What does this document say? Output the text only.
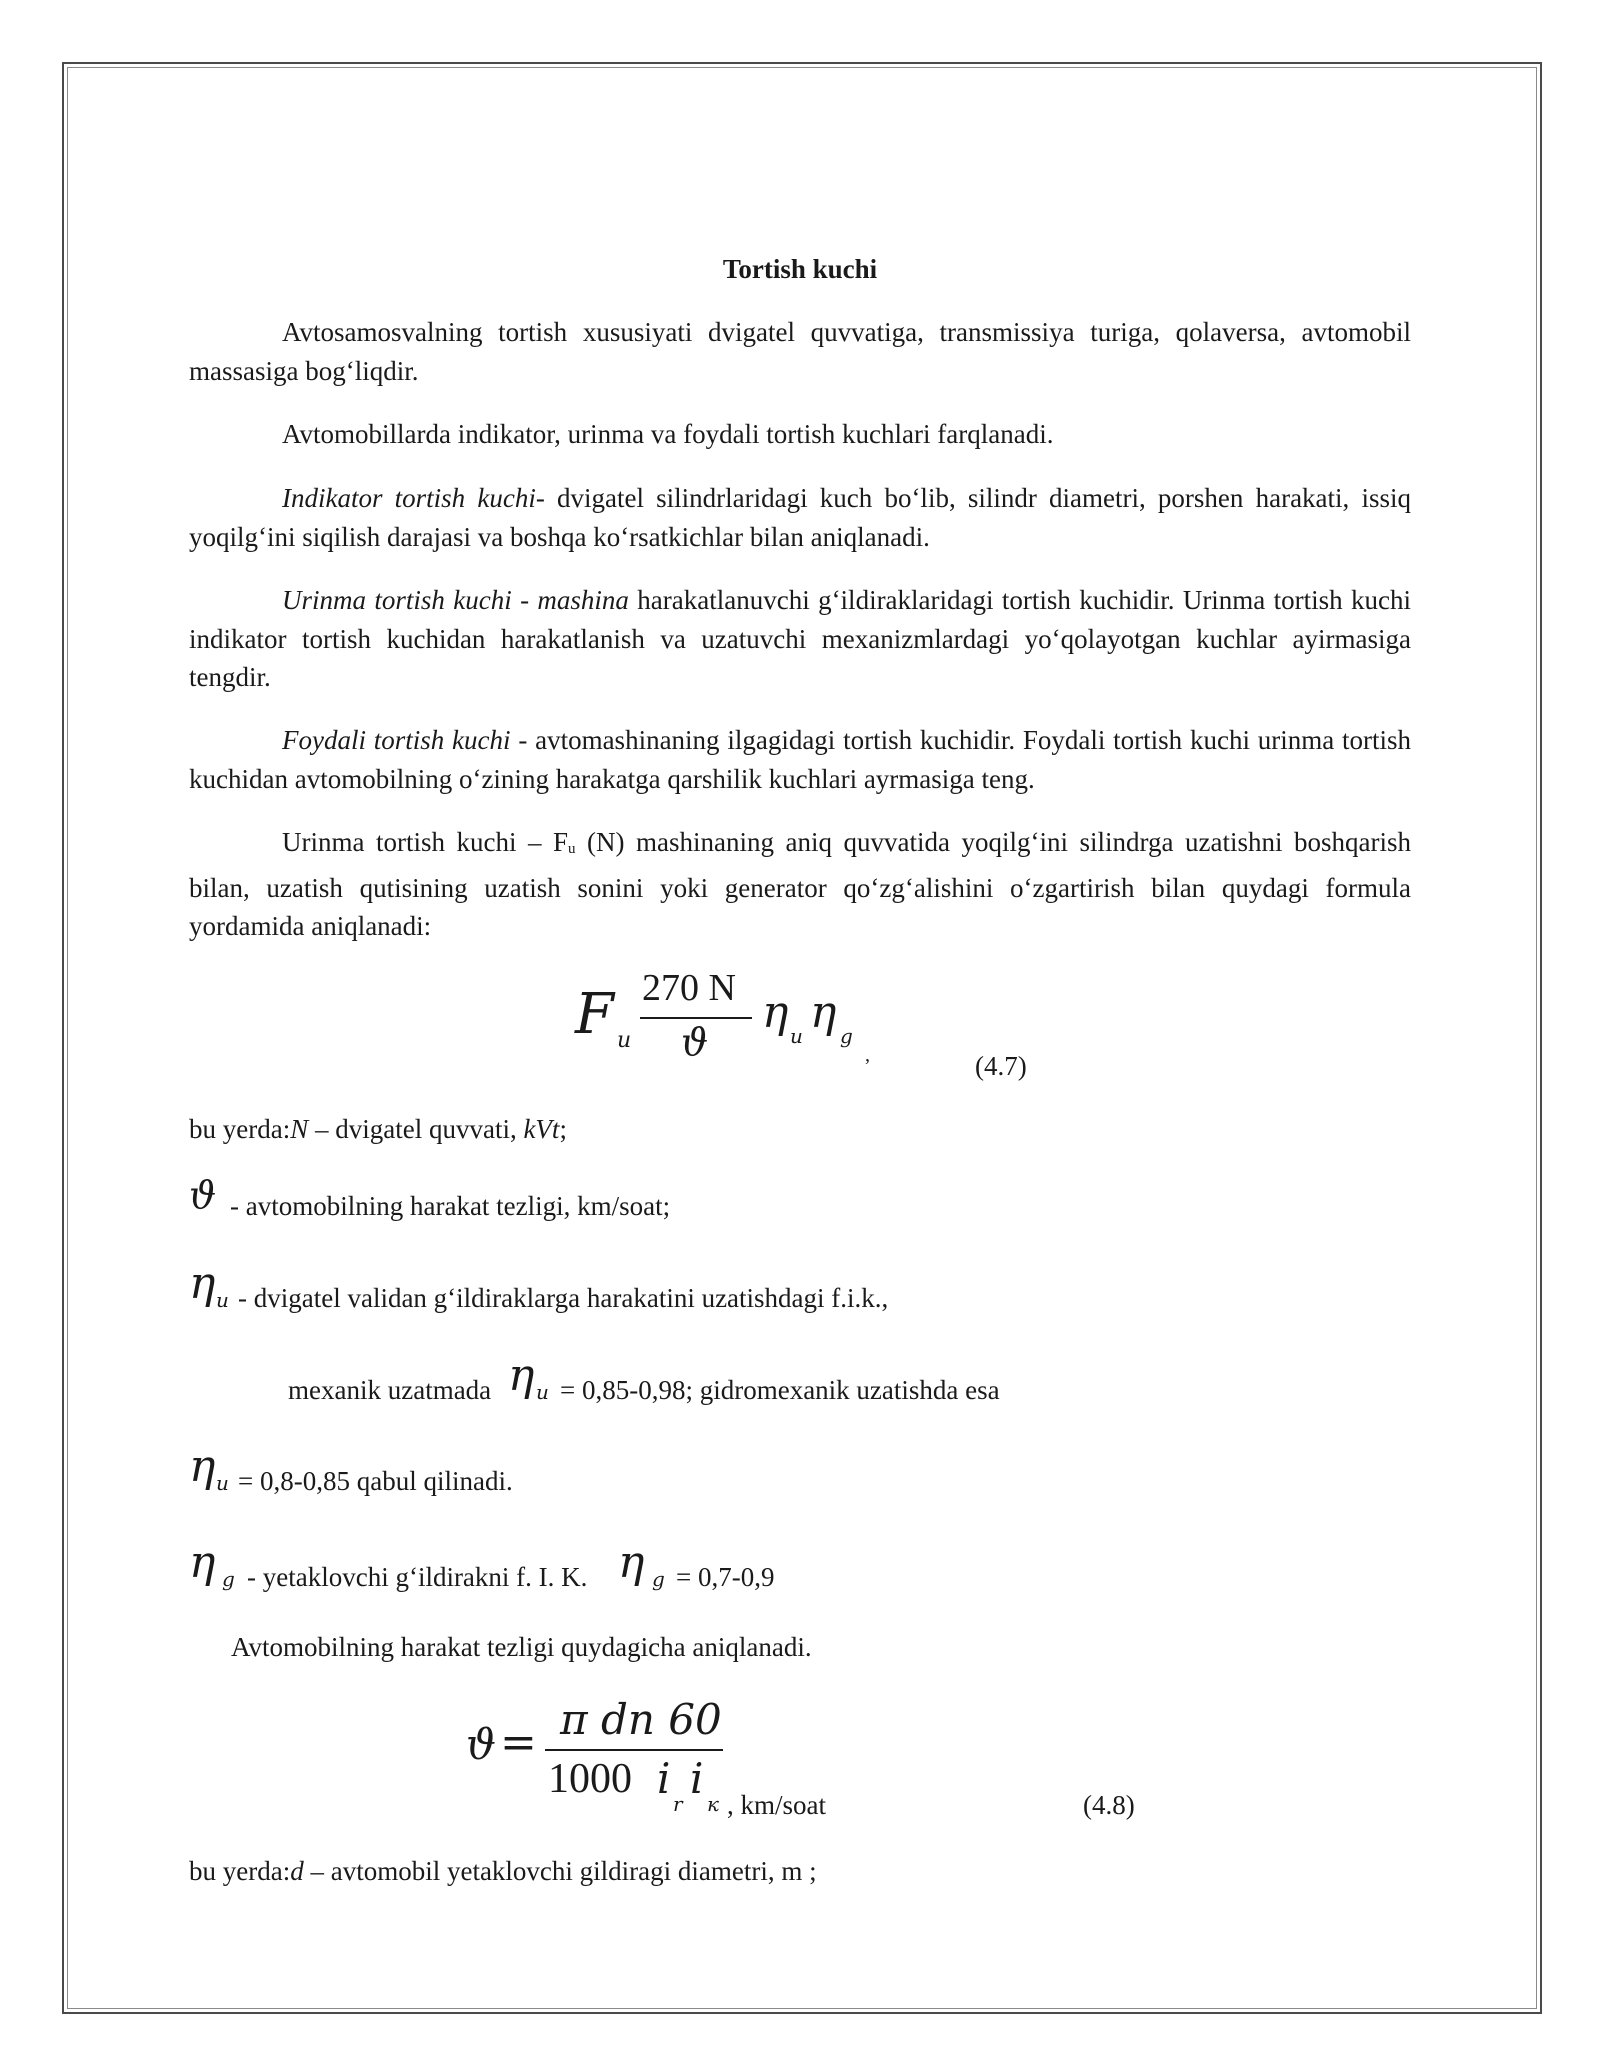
Tortish kuchi

Avtosamosvalning tortish xususiyati dvigatel quvvatiga, transmissiya turiga, qolaversa, avtomobil massasiga bog‘liqdir.

Avtomobillarda indikator, urinma va foydali tortish kuchlari farqlanadi.

Indikator tortish kuchi- dvigatel silindrlaridagi kuch bo‘lib, silindr diametri, porshen harakati, issiq yoqilg‘ini siqilish darajasi va boshqa ko‘rsatkichlar bilan aniqlanadi.

Urinma tortish kuchi - mashina harakatlanuvchi g‘ildiraklaridagi tortish kuchidir. Urinma tortish kuchi indikator tortish kuchidan harakatlanish va uzatuvchi mexanizmlardagi yo‘qolayotgan kuchlar ayirmasiga tengdir.

Foydali tortish kuchi - avtomashinaning ilgagidagi tortish kuchidir. Foydali tortish kuchi urinma tortish kuchidan avtomobilning o‘zining harakatga qarshilik kuchlari ayrmasiga teng.

Urinma tortish kuchi – $F_u$ (N) mashinaning aniq quvvatida yoqilg‘ini silindrga uzatishni boshqarish bilan, uzatish qutisining uzatish sonini yoki generator qo‘zg‘alishini o‘zgartirish bilan quydagi formula yordamida aniqlanadi:

F u
270 N
ϑ
η u η g
,	(4.7)
bu yerda:N – dvigatel quvvati, kVt;
ϑ - avtomobilning harakat tezligi, km/soat;
η u - dvigatel validan g‘ildiraklarga harakatini uzatishdagi f.i.k.,
mexanik uzatmada η u = 0,85-0,98; gidromexanik uzatishda esa
η u = 0,8-0,85 qabul qilinadi.
η g - yetaklovchi g‘ildirakni f. I. K. η g = 0,7-0,9
Avtomobilning harakat tezligi quydagicha aniqlanadi.
ϑ = π dn 60
1000 i
r
i
к , km/soat	(4.8)
bu yerda:d – avtomobil yetaklovchi gildiragi diametri, m ;
